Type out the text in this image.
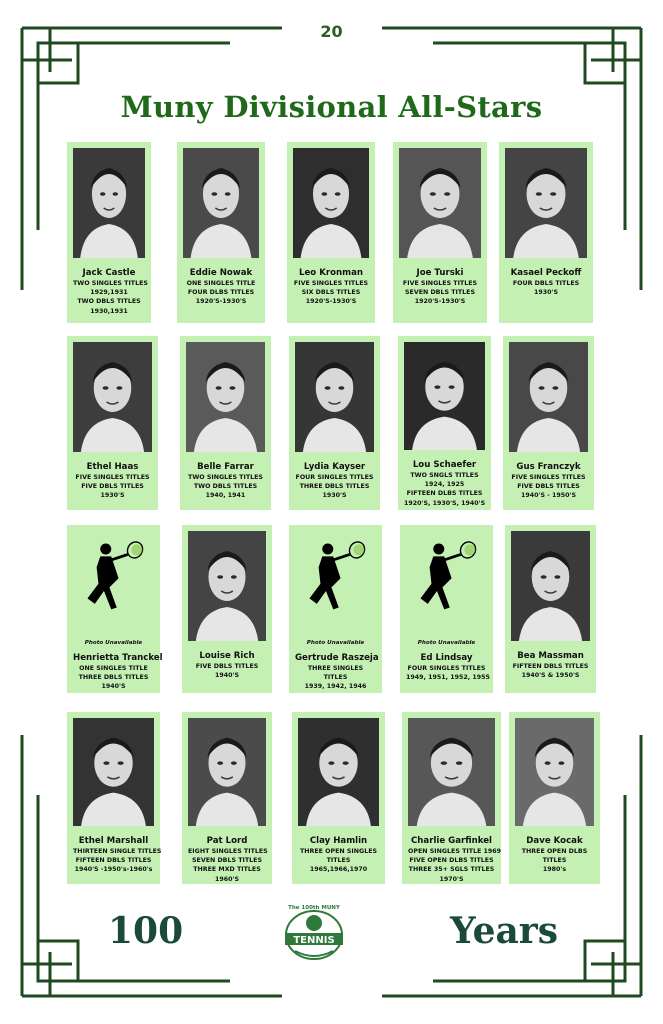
20
Muny Divisional All-Stars
Jack Castle
TWO SINGLES TITLES
1929,1931
TWO DBLS TITLES
1930,1931
Eddie Nowak
ONE SINGLES TITLE
FOUR DLBS TITLES
1920'S-1930'S
Leo Kronman
FIVE SINGLES TITLES
SIX DBLS TITLES
1920'S-1930'S
Joe Turski
FIVE SINGLES TITLES
SEVEN DBLS TITLES
1920'S-1930'S
Kasael Peckoff
FOUR DBLS TITLES
1930'S
Ethel Haas
FIVE SINGLES TITLES
FIVE DBLS TITLES
1930'S
Belle Farrar
TWO SINGLES TITLES
TWO DBLS TITLES
1940, 1941
Lydia Kayser
FOUR SINGLES TITLES
THREE DBLS TITLES
1930'S
Lou Schaefer
TWO SNGLS TITLES
1924, 1925
FIFTEEN DLBS TITLES
1920'S, 1930'S, 1940'S
Gus Franczyk
FIVE SINGLES TITLES
FIVE DBLS TITLES
1940'S - 1950'S
Photo Unavailable
Henrietta Tranckel
ONE SINGLES TITLE
THREE DBLS TITLES
1940'S
Louise Rich
FIVE DBLS TITLES
1940'S
Photo Unavailable
Gertrude Raszeja
THREE SINGLES
TITLES
1939, 1942, 1946
Photo Unavailable
Ed Lindsay
FOUR SINGLES TITLES
1949, 1951, 1952, 1955
Bea Massman
FIFTEEN DBLS TITLES
1940'S & 1950'S
Ethel Marshall
THIRTEEN SINGLE TITLES
FIFTEEN DBLS TITLES
1940'S -1950's-1960's
Pat Lord
EIGHT SINGLES TITLES
SEVEN DBLS TITLES
THREE MXD TITLES
1960'S
Clay Hamlin
THREE OPEN SINGLES
TITLES
1965,1966,1970
Charlie Garfinkel
OPEN SINGLES TITLE 1969
FIVE OPEN DLBS TITLES
THREE 35+ SGLS TITLES
1970'S
Dave Kocak
THREE OPEN DLBS
TITLES
1980's
100	Years
The 100th MUNY
TENNIS
